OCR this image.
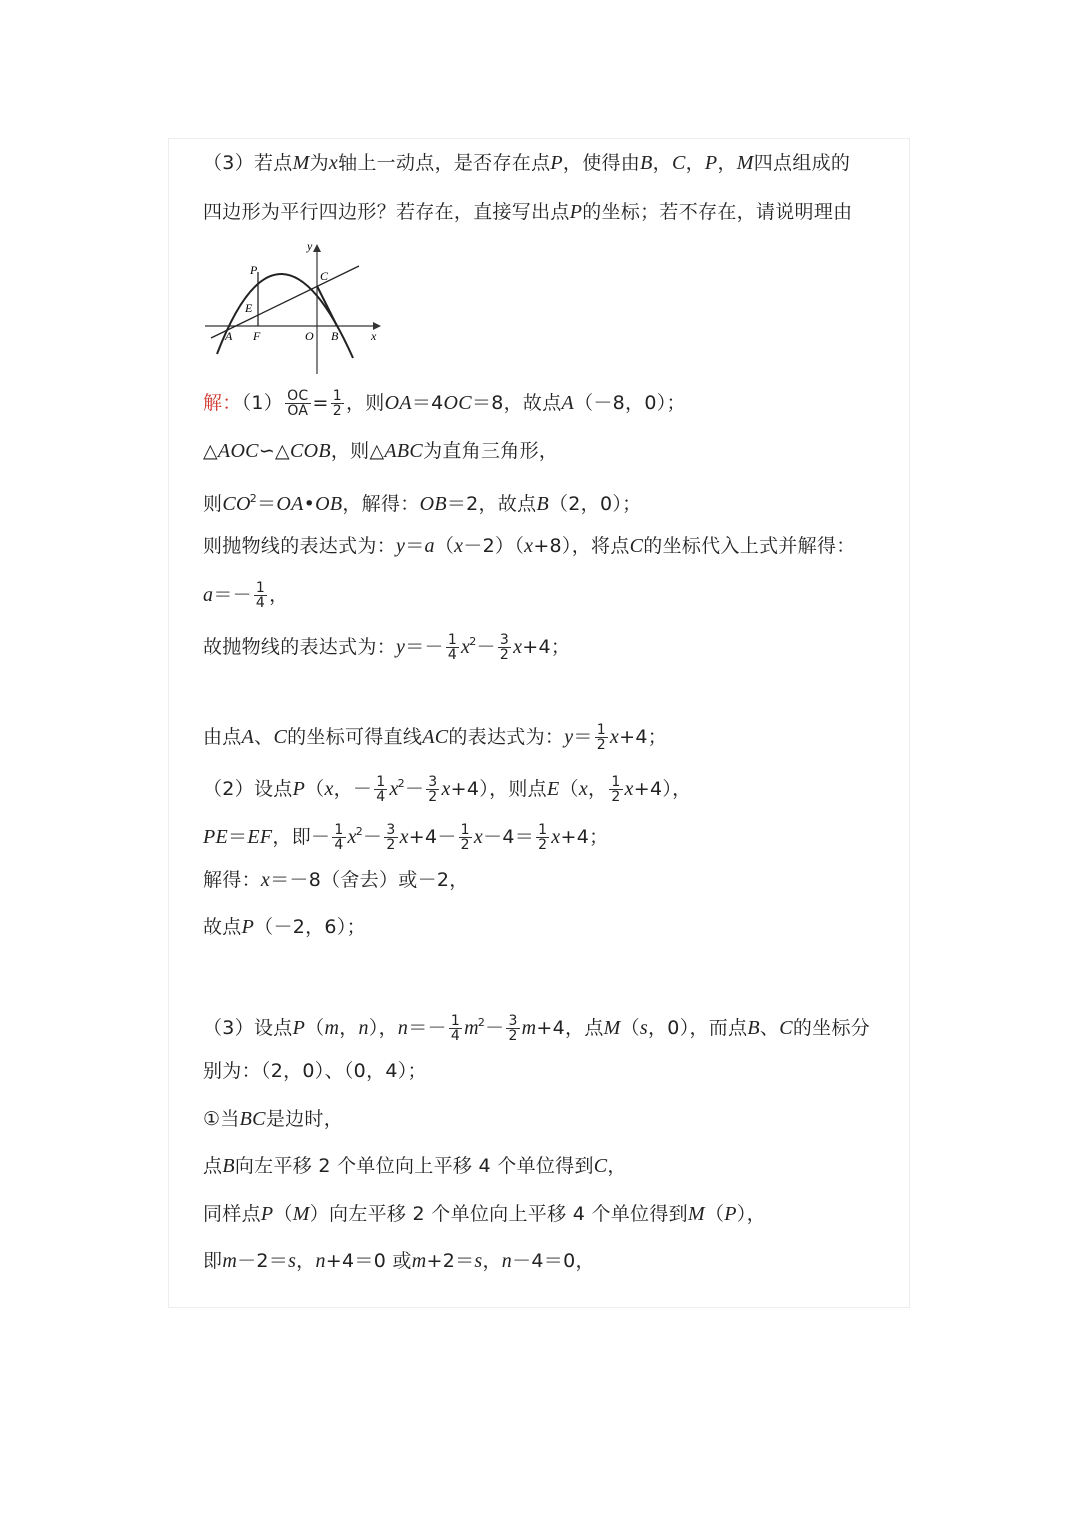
（3）若点M为x轴上一动点，是否存在点P，使得由B，C，P，M四点组成的
四边形为平行四边形？若存在，直接写出点P的坐标；若不存在，请说明理由
y
x
P	C
E
A F	O B
解：$(1) \frac{OC}{OA} = \frac{1}{2}$ ，则OA＝4OC＝8，故点A（－8，0）；
△AOC∽△COB，则△ABC为直角三角形，
则$CO^2=OA•OB$，解得：OB＝2，故点B（2，0）；
则抛物线的表达式为：y＝a（x－2）（x+8），将点C的坐标代入上式并解得：
$a=- \frac{1}{4}$ ，
故抛物线的表达式为：$y=- \frac{1}{4} x^2- \frac{3}{2} x+4$；
由点A、C的坐标可得直线AC的表达式为：$y= \frac{1}{2} x+4$；
（2）设点P（x，－ $\frac{1}{4} x^2- \frac{3}{2} x+4$），则点E（x， $\frac{1}{2} x+4$），
PE＝EF，即－ $\frac{1}{4} x^2- \frac{3}{2} x+4- \frac{1}{2} x-4= \frac{1}{2} x+4$；
解得：x＝－8（舍去）或－2，
故点P（－2，6）；
（3）设点P（m，n），$n=- \frac{1}{4} m^2- \frac{3}{2} m+4$，点M（s，0），而点B、C的坐标分
别为：（2，0）、（0，4）；
①当BC是边时，
点B向左平移 2 个单位向上平移 4 个单位得到C，
同样点P（M）向左平移 2 个单位向上平移 4 个单位得到M（P），
即m－2＝s，n+4＝0 或m+2＝s，n－4＝0，
